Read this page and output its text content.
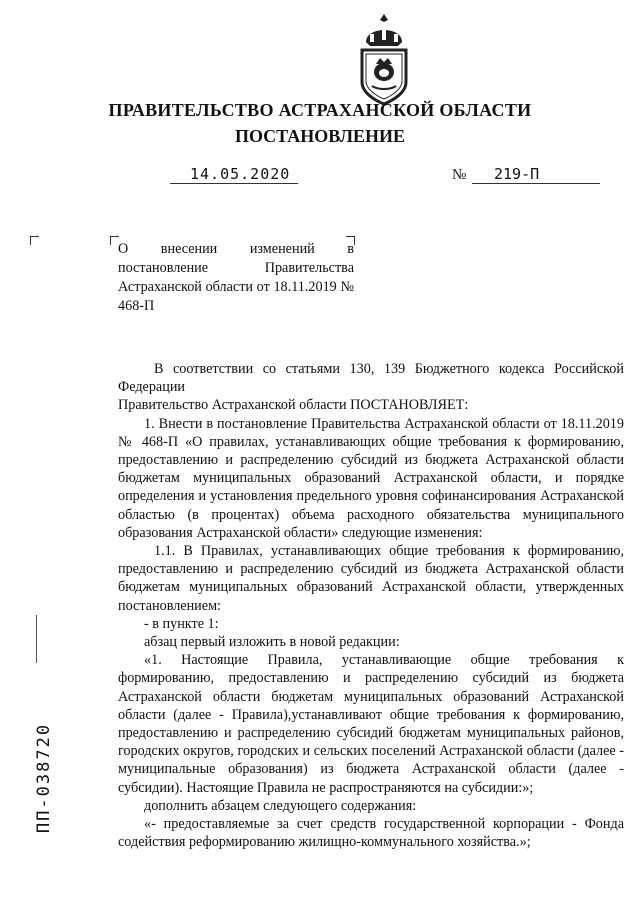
ПРАВИТЕЛЬСТВО АСТРАХАНСКОЙ ОБЛАСТИ
ПОСТАНОВЛЕНИЕ
14.05.2020	№ 219-П
О внесении изменений в постановление Правительства Астраханской области от 18.11.2019 № 468-П

В соответствии со статьями 130, 139 Бюджетного кодекса Российской Федерации

Правительство Астраханской области ПОСТАНОВЛЯЕТ:

1. Внести в постановление Правительства Астраханской области от 18.11.2019 № 468-П «О правилах, устанавливающих общие требования к формированию, предоставлению и распределению субсидий из бюджета Астраханской области бюджетам муниципальных образований Астраханской области, и порядке определения и установления предельного уровня софинансирования Астраханской областью (в процентах) объема расходного обязательства муниципального образования Астраханской области» следующие изменения:

1.1. В Правилах, устанавливающих общие требования к формированию, предоставлению и распределению субсидий из бюджета Астраханской области бюджетам муниципальных образований Астраханской области, утвержденных постановлением:

- в пункте 1:

абзац первый изложить в новой редакции:

«1. Настоящие Правила, устанавливающие общие требования к формированию, предоставлению и распределению субсидий из бюджета Астраханской области бюджетам муниципальных образований Астраханской области (далее - Правила),устанавливают общие требования к формированию, предоставлению и распределению субсидий бюджетам муниципальных районов, городских округов, городских и сельских поселений Астраханской области (далее - муниципальные образования) из бюджета Астраханской области (далее - субсидии). Настоящие Правила не распространяются на субсидии:»;

дополнить абзацем следующего содержания:

«- предоставляемые за счет средств государственной корпорации - Фонда содействия реформированию жилищно-коммунального хозяйства.»;

ПП-038720
